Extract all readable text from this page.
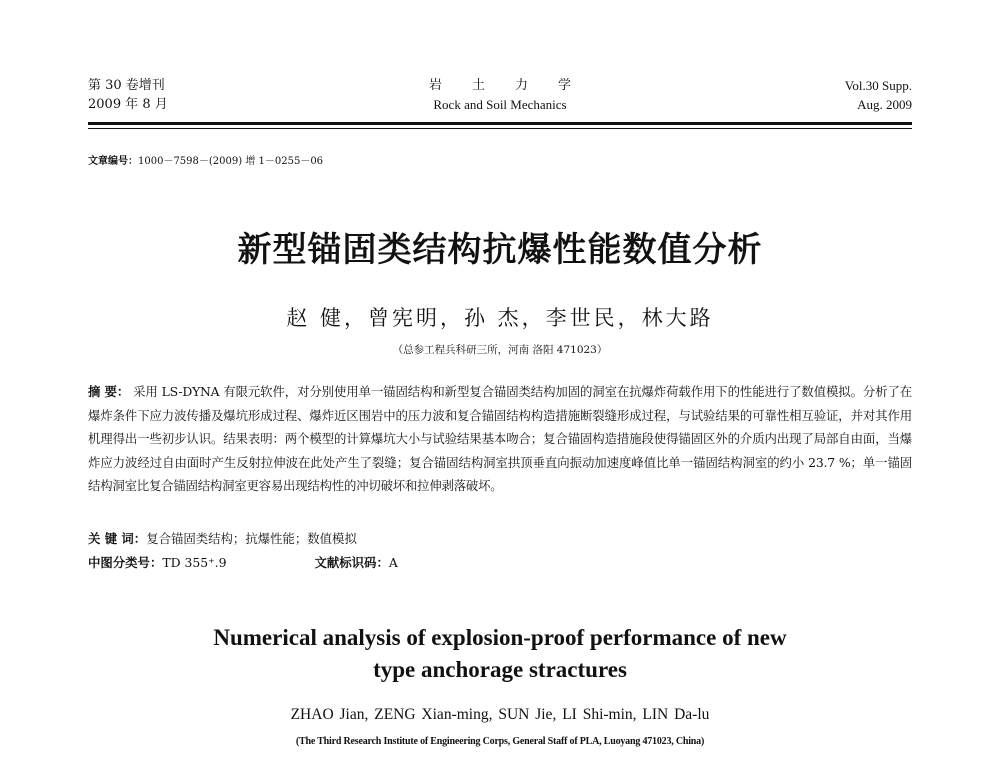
第 30 卷增刊
2009 年 8 月
岩土力学
Rock and Soil Mechanics
Vol.30 Supp.
Aug. 2009
文章编号：1000－7598－(2009) 增 1－0255－06
新型锚固类结构抗爆性能数值分析
赵 健，曾宪明，孙 杰，李世民，林大路
（总参工程兵科研三所，河南 洛阳 471023）
摘 要： 采用 LS-DYNA 有限元软件，对分别使用单一锚固结构和新型复合锚固类结构加固的洞室在抗爆炸荷载作用下的性能进行了数值模拟。分析了在爆炸条件下应力波传播及爆坑形成过程、爆炸近区围岩中的压力波和复合锚固结构构造措施断裂缝形成过程，与试验结果的可靠性相互验证，并对其作用机理得出一些初步认识。结果表明：两个模型的计算爆坑大小与试验结果基本吻合；复合锚固构造措施段使得锚固区外的介质内出现了局部自由面，当爆炸应力波经过自由面时产生反射拉伸波在此处产生了裂缝；复合锚固结构洞室拱顶垂直向振动加速度峰值比单一锚固结构洞室的约小 23.7 %；单一锚固结构洞室比复合锚固结构洞室更容易出现结构性的冲切破坏和拉伸剥落破坏。
关 键 词：复合锚固类结构；抗爆性能；数值模拟
中图分类号：TD 355⁺.9	文献标识码：A
Numerical analysis of explosion-proof performance of new
type anchorage stractures
ZHAO Jian, ZENG Xian-ming, SUN Jie, LI Shi-min, LIN Da-lu
(The Third Research Institute of Engineering Corps, General Staff of PLA, Luoyang 471023, China)
